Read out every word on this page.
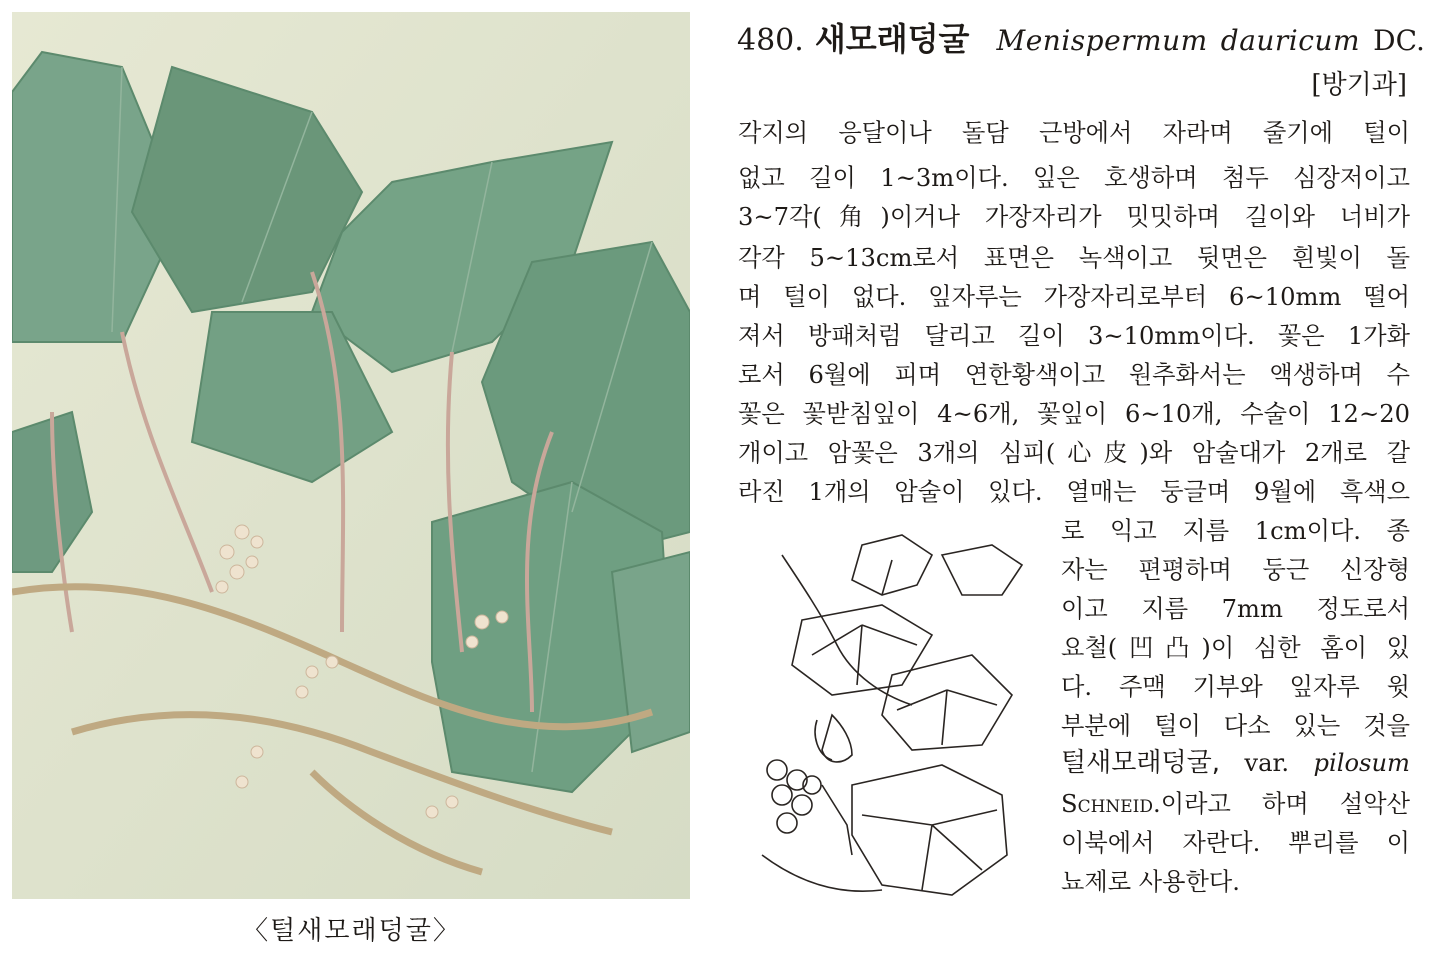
〈털새모래덩굴〉
480. 새모래덩굴 Menispermum dauricum DC.
[방기과]
각지의 응달이나 돌담 근방에서 자라며 줄기에 털이
없고 길이 1~3m이다. 잎은 호생하며 첨두 심장저이고
3~7각(角)이거나 가장자리가 밋밋하며 길이와 너비가
각각 5~13cm로서 표면은 녹색이고 뒷면은 흰빛이 돌
며 털이 없다. 잎자루는 가장자리로부터 6~10mm 떨어
져서 방패처럼 달리고 길이 3~10mm이다. 꽃은 1가화
로서 6월에 피며 연한황색이고 원추화서는 액생하며 수
꽃은 꽃받침잎이 4~6개, 꽃잎이 6~10개, 수술이 12~20
개이고 암꽃은 3개의 심피(心皮)와 암술대가 2개로 갈
라진 1개의 암술이 있다. 열매는 둥글며 9월에 흑색으
로 익고 지름 1cm이다. 종
자는 편평하며 둥근 신장형
이고 지름 7mm 정도로서
요철(凹凸)이 심한 홈이 있
다. 주맥 기부와 잎자루 윗
부분에 털이 다소 있는 것을
털새모래덩굴, var. pilosum
Schneid.이라고 하며 설악산
이북에서 자란다. 뿌리를 이
뇨제로 사용한다.
